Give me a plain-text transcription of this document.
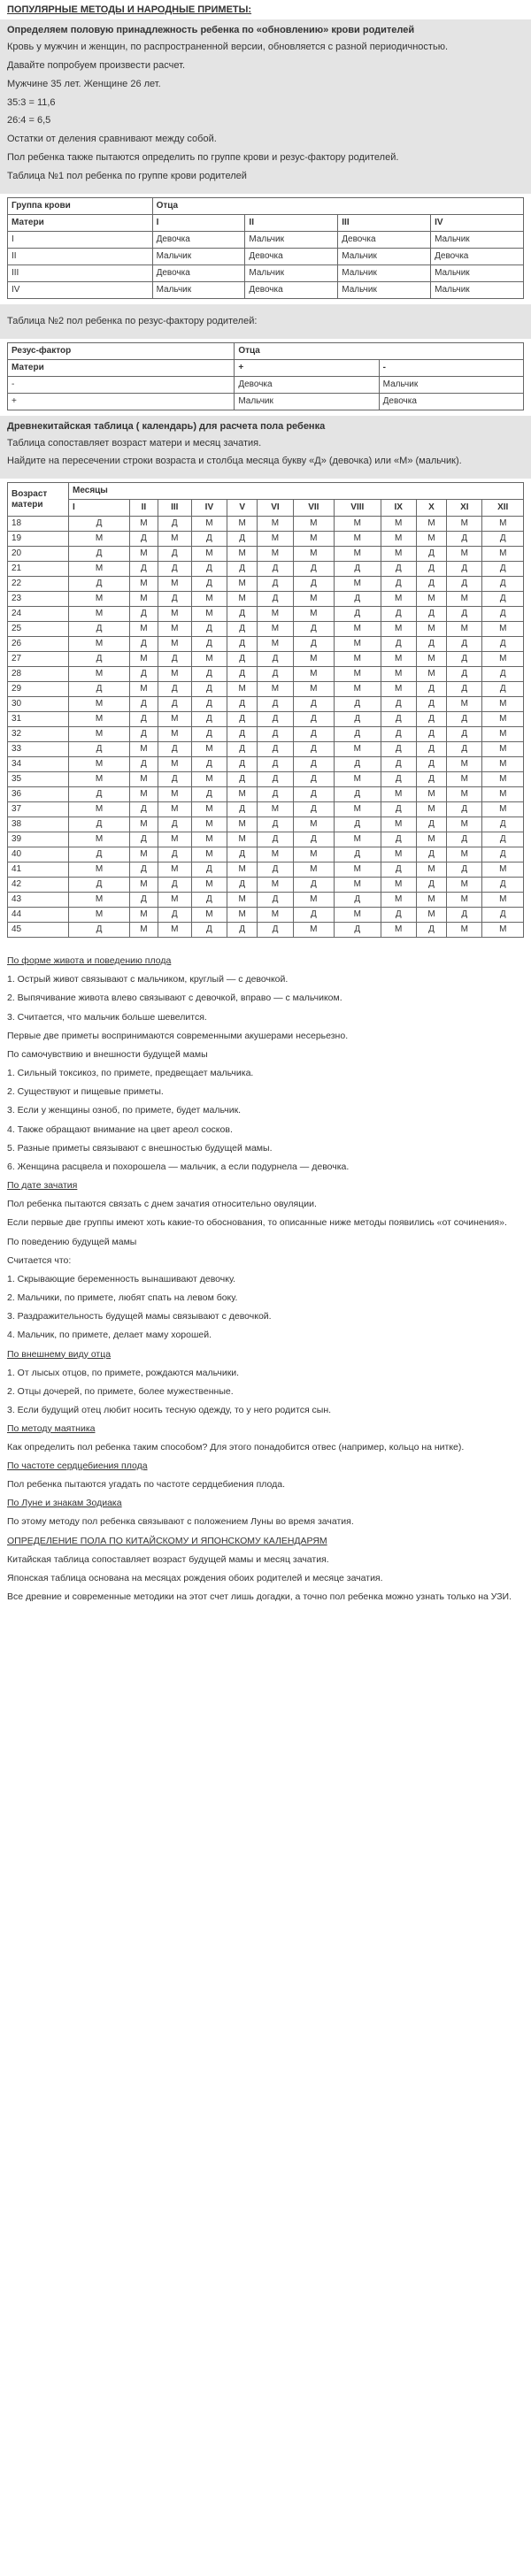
ПОПУЛЯРНЫЕ МЕТОДЫ И НАРОДНЫЕ ПРИМЕТЫ:
Определяем половую принадлежность ребенка по «обновлению» крови родителей

Кровь у мужчин и женщин, по распространенной версии, обновляется с разной периодичностью.

Давайте попробуем произвести расчет.

Мужчине 35 лет. Женщине 26 лет.

35:3 = 11,6

26:4 = 6,5

Остатки от деления сравнивают между собой.

Пол ребенка также пытаются определить по группе крови и резус-фактору родителей.

Таблица №1 пол ребенка по группе крови родителей

Группа крови	Отца			
Матери	I	II	III	IV
I	Девочка	Мальчик	Девочка	Мальчик
II	Мальчик	Девочка	Мальчик	Девочка
III	Девочка	Мальчик	Мальчик	Мальчик
IV	Мальчик	Девочка	Мальчик	Мальчик

Таблица №2 пол ребенка по резус-фактору родителей:

Резус-фактор	Отца	
Матери	+	-
-	Девочка	Мальчик
+	Мальчик	Девочка
Древнекитайская таблица ( календарь) для расчета пола ребенка

Таблица сопоставляет возраст матери и месяц зачатия.

Найдите на пересечении строки возраста и столбца месяца букву «Д» (девочка) или «М» (мальчик).

Возраст матери	Месяцы											
	I	II	III	IV	V	VI	VII	VIII	IX	X	XI	XII
18	Д	М	Д	М	М	М	М	М	М	М	М	М
19	М	Д	М	Д	Д	М	М	М	М	М	Д	Д
20	Д	М	Д	М	М	М	М	М	М	Д	М	М
21	М	Д	Д	Д	Д	Д	Д	Д	Д	Д	Д	Д
22	Д	М	М	Д	М	Д	Д	М	Д	Д	Д	Д
23	М	М	Д	М	М	Д	М	Д	М	М	М	Д
24	М	Д	М	М	Д	М	М	Д	Д	Д	Д	Д
25	Д	М	М	Д	Д	М	Д	М	М	М	М	М
26	М	Д	М	Д	Д	М	Д	М	Д	Д	Д	Д
27	Д	М	Д	М	Д	Д	М	М	М	М	Д	М
28	М	Д	М	Д	Д	Д	М	М	М	М	Д	Д
29	Д	М	Д	Д	М	М	М	М	М	Д	Д	Д
30	М	Д	Д	Д	Д	Д	Д	Д	Д	Д	М	М
31	М	Д	М	Д	Д	Д	Д	Д	Д	Д	Д	М
32	М	Д	М	Д	Д	Д	Д	Д	Д	Д	Д	М
33	Д	М	Д	М	Д	Д	Д	М	Д	Д	Д	М
34	М	Д	М	Д	Д	Д	Д	Д	Д	Д	М	М
35	М	М	Д	М	Д	Д	Д	М	Д	Д	М	М
36	Д	М	М	Д	М	Д	Д	Д	М	М	М	М
37	М	Д	М	М	Д	М	Д	М	Д	М	Д	М
38	Д	М	Д	М	М	Д	М	Д	М	Д	М	Д
39	М	Д	М	М	М	Д	Д	М	Д	М	Д	Д
40	Д	М	Д	М	Д	М	М	Д	М	Д	М	Д
41	М	Д	М	Д	М	Д	М	М	Д	М	Д	М
42	Д	М	Д	М	Д	М	Д	М	М	Д	М	Д
43	М	Д	М	Д	М	Д	М	Д	М	М	М	М
44	М	М	Д	М	М	М	Д	М	Д	М	Д	Д
45	Д	М	М	Д	Д	Д	М	Д	М	Д	М	М
По форме живота и поведению плода

1. Острый живот связывают с мальчиком, круглый — с девочкой.

2. Выпячивание живота влево связывают с девочкой, вправо — с мальчиком.

3. Считается, что мальчик больше шевелится.

Первые две приметы воспринимаются современными акушерами несерьезно.

По самочувствию и внешности будущей мамы

1. Сильный токсикоз, по примете, предвещает мальчика.

2. Существуют и пищевые приметы.

3. Если у женщины озноб, по примете, будет мальчик.

4. Также обращают внимание на цвет ареол сосков.

5. Разные приметы связывают с внешностью будущей мамы.

6. Женщина расцвела и похорошела — мальчик, а если подурнела — девочка.

По дате зачатия

Пол ребенка пытаются связать с днем зачатия относительно овуляции.

Если первые две группы имеют хоть какие-то обоснования, то описанные ниже методы появились «от сочинения».

По поведению будущей мамы

Считается что:

1. Скрывающие беременность вынашивают девочку.

2. Мальчики, по примете, любят спать на левом боку.

3. Раздражительность будущей мамы связывают с девочкой.

4. Мальчик, по примете, делает маму хорошей.

По внешнему виду отца

1. От лысых отцов, по примете, рождаются мальчики.

2. Отцы дочерей, по примете, более мужественные.

3. Если будущий отец любит носить тесную одежду, то у него родится сын.

По методу маятника

Как определить пол ребенка таким способом? Для этого понадобится отвес (например, кольцо на нитке).

По частоте сердцебиения плода

Пол ребенка пытаются угадать по частоте сердцебиения плода.

По Луне и знакам Зодиака

По этому методу пол ребенка связывают с положением Луны во время зачатия.

ОПРЕДЕЛЕНИЕ ПОЛА ПО КИТАЙСКОМУ И ЯПОНСКОМУ КАЛЕНДАРЯМ

Китайская таблица сопоставляет возраст будущей мамы и месяц зачатия.

Японская таблица основана на месяцах рождения обоих родителей и месяце зачатия.

Все древние и современные методики на этот счет лишь догадки, а точно пол ребенка можно узнать только на УЗИ.
